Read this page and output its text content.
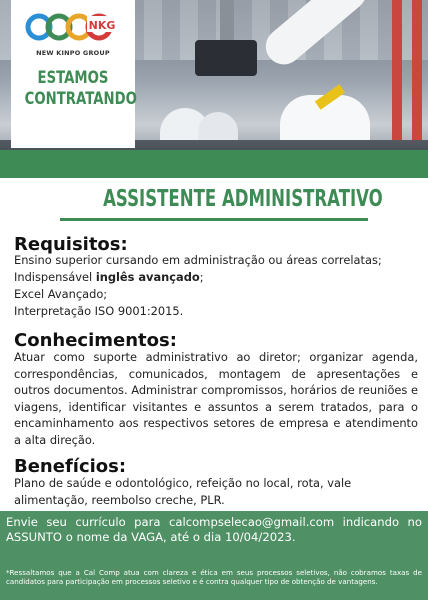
NKG
NEW KINPO GROUP
ESTAMOS
CONTRATANDO
ASSISTENTE ADMINISTRATIVO
Requisitos:
Ensino superior cursando em administração ou áreas correlatas;
Indispensável inglês avançado;
Excel Avançado;
Interpretação ISO 9001:2015.
Conhecimentos:
Atuar como suporte administrativo ao diretor; organizar agenda, correspondências, comunicados, montagem de apresentações e outros documentos. Administrar compromissos, horários de reuniões e viagens, identificar visitantes e assuntos a serem tratados, para o encaminhamento aos respectivos setores de empresa e atendimento a alta direção.
Benefícios:
Plano de saúde e odontológico, refeição no local, rota, vale alimentação, reembolso creche, PLR.
Envie seu currículo para calcompselecao@gmail.com indicando no ASSUNTO o nome da VAGA, até o dia 10/04/2023.
*Ressaltamos que a Cal Comp atua com clareza e ética em seus processos seletivos, não cobramos taxas de candidatos para participação em processos seletivo e é contra qualquer tipo de obtenção de vantagens.
